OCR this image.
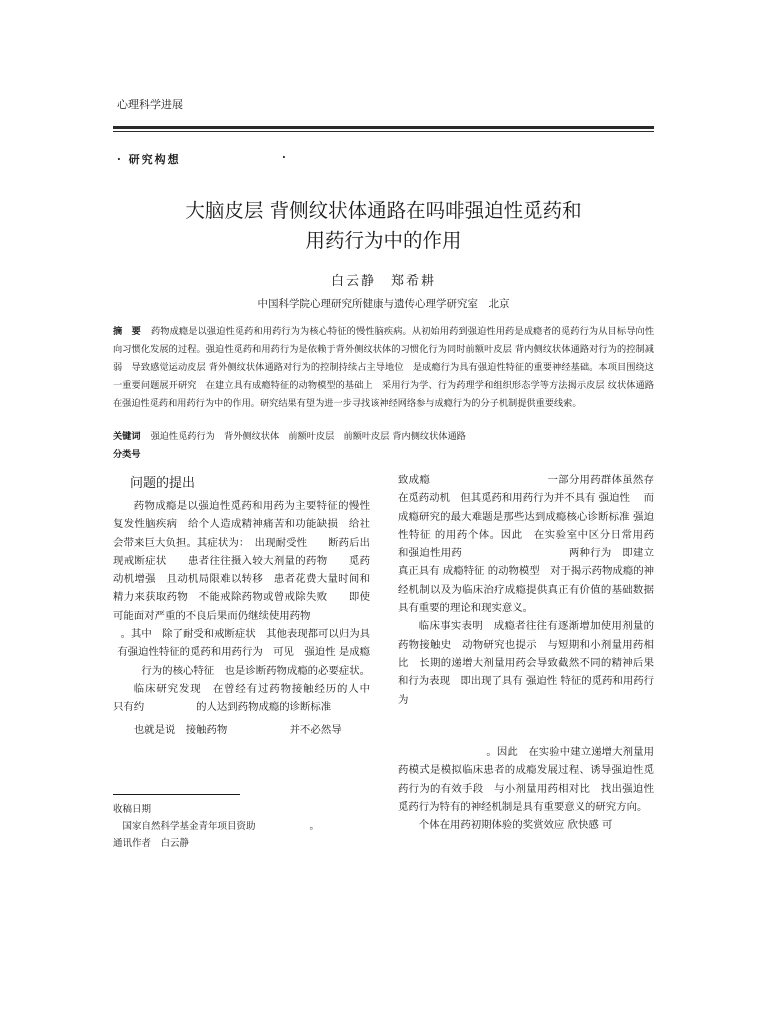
心理科学进展
· 研究构想	·
大脑皮层 背侧纹状体通路在吗啡强迫性觅药和
用药行为中的作用
白云静　郑希耕
中国科学院心理研究所健康与遗传心理学研究室　北京
摘　要 药物成瘾是以强迫性觅药和用药行为为核心特征的慢性脑疾病。从初始用药到强迫性用药是成瘾者的觅药行为从目标导向性向习惯化发展的过程。强迫性觅药和用药行为是依赖于背外侧纹状体的习惯化行为同时前额叶皮层 背内侧纹状体通路对行为的控制减弱　导致感觉运动皮层 背外侧纹状体通路对行为的控制持续占主导地位　是成瘾行为具有强迫性特征的重要神经基础。本项目围绕这一重要问题展开研究　在建立具有成瘾特征的动物模型的基础上　采用行为学、行为药理学和组织形态学等方法揭示皮层 纹状体通路在强迫性觅药和用药行为中的作用。研究结果有望为进一步寻找该神经网络参与成瘾行为的分子机制提供重要线索。
关键词 强迫性觅药行为　背外侧纹状体　前额叶皮层　前额叶皮层 背内侧纹状体通路
分类号
问题的提出

药物成瘾是以强迫性觅药和用药为主要特征的慢性复发性脑疾病　给个人造成精神痛苦和功能缺损　给社会带来巨大负担。其症状为：　出现耐受性　　断药后出现戒断症状　　患者往往摄入较大剂量的药物　　觅药动机增强　且动机局限难以转移　患者花费大量时间和精力来获取药物　不能戒除药物或曾戒除失败　　即使可能面对严重的不良后果而仍继续使用药物

。其中　除了耐受和戒断症状　其他表现都可以归为具有强迫性特征的觅药和用药行为　可见　强迫性 是成瘾行为的核心特征　也是诊断药物成瘾的必要症状。

临床研究发现　在曾经有过药物接触经历的人中　只有约　　　　　的人达到药物成瘾的诊断标准

也就是说　接触药物　　　　　　并不必然导

致成瘾　　　　　　　　　　　一部分用药群体虽然存在觅药动机　但其觅药和用药行为并不具有 强迫性　 而成瘾研究的最大难题是那些达到成瘾核心诊断标准 强迫性特征 的用药个体。因此　在实验室中区分日常用药　　　　　　　和强迫性用药　　　　　　　　　　两种行为　即建立真正具有 成瘾特征 的动物模型　对于揭示药物成瘾的神经机制以及为临床治疗成瘾提供真正有价值的基础数据具有重要的理论和现实意义。

临床事实表明　成瘾者往往有逐渐增加使用剂量的药物接触史　动物研究也提示　与短期和小剂量用药相比　长期的递增大剂量用药会导致截然不同的精神后果和行为表现　即出现了具有 强迫性 特征的觅药和用药行为

。因此　在实验中建立递增大剂量用药模式是模拟临床患者的成瘾发展过程、诱导强迫性觅药行为的有效手段　与小剂量用药相对比　找出强迫性觅药行为特有的神经机制是具有重要意义的研究方向。

个体在用药初期体验的奖赏效应 欣快感 可

收稿日期

国家自然科学基金青年项目资助	。

通讯作者　白云静
